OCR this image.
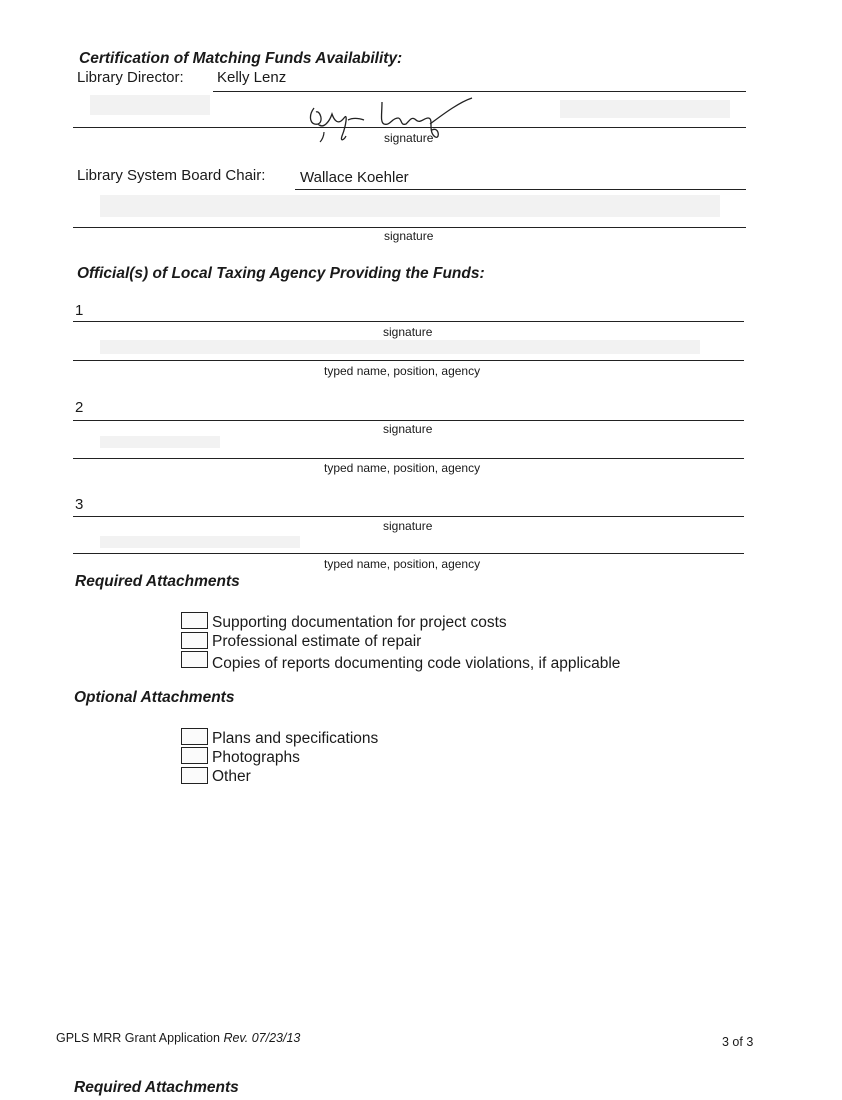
Certification of Matching Funds Availability:
Library Director: Kelly Lenz
signature
Library System Board Chair: Wallace Koehler
signature
Official(s) of Local Taxing Agency Providing the Funds:
1
signature
typed name, position, agency
2
signature
typed name, position, agency
3
signature
typed name, position, agency
Required Attachments
Supporting documentation for project costs
Professional estimate of repair
Copies of reports documenting code violations, if applicable
Optional Attachments
Plans and specifications
Photographs
Other
GPLS MRR Grant Application Rev. 07/23/13	3 of 3
Required Attachments
